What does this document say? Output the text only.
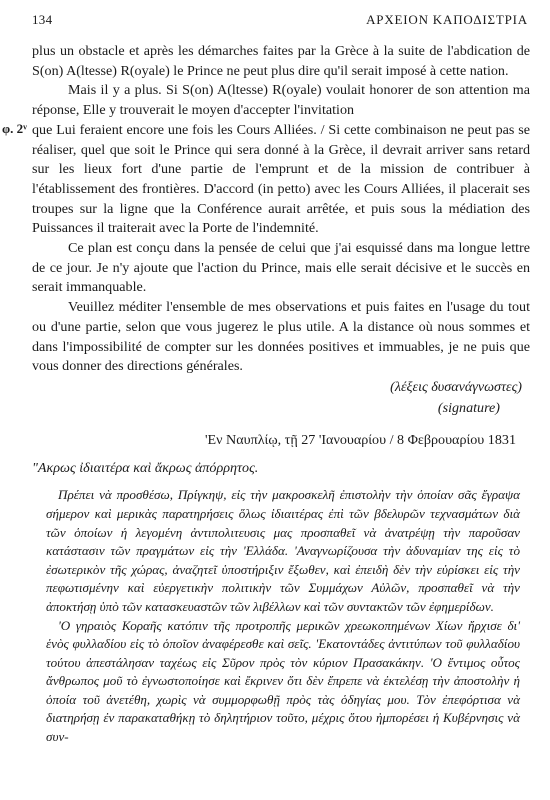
134	ΑΡΧΕΙΟΝ ΚΑΠΟΔΙΣΤΡΙΑ

plus un obstacle et après les démarches faites par la Grèce à la suite de l'abdication de S(on) A(ltesse) R(oyale) le Prince ne peut plus dire qu'il serait imposé à cette nation.

Mais il y a plus. Si S(on) A(ltesse) R(oyale) voulait honorer de son attention ma réponse, Elle y trouverait le moyen d'accepter l'invitation

φ. 2ᵛ que Lui feraient encore une fois les Cours Alliées. / Si cette combinaison ne peut pas se réaliser, quel que soit le Prince qui sera donné à la Grèce, il devrait arriver sans retard sur les lieux fort d'une partie de l'emprunt et de la mission de contribuer à l'établissement des frontières. D'accord (in petto) avec les Cours Alliées, il placerait ses troupes sur la ligne que la Conférence aurait arrêtée, et puis sous la médiation des Puissances il traiterait avec la Porte de l'indemnité.

Ce plan est conçu dans la pensée de celui que j'ai esquissé dans ma longue lettre de ce jour. Je n'y ajoute que l'action du Prince, mais elle serait décisive et le succès en serait immanquable.

Veuillez méditer l'ensemble de mes observations et puis faites en l'usage du tout ou d'une partie, selon que vous jugerez le plus utile. A la distance où nous sommes et dans l'impossibilité de compter sur les données positives et immuables, je ne puis que vous donner des directions générales.

(λέξεις δυσανάγνωστες)
(signature)
'Εν Ναυπλίῳ, τῇ 27 'Ιανουαρίου / 8 Φεβρουαρίου 1831
"Ακρως ἰδιαιτέρα καὶ ἄκρως ἀπόρρητος.

Πρέπει νὰ προσθέσω, Πρίγκηψ, εἰς τὴν μακροσκελῆ ἐπιστολὴν τὴν ὁποίαν σᾶς ἔγραψα σήμερον καὶ μερικὰς παρατηρήσεις ὅλως ἰδιαιτέρας ἐπὶ τῶν βδελυρῶν τεχνασμάτων διὰ τῶν ὁποίων ἡ λεγομένη ἀντιπολιτευσις μας προσπαθεῖ νὰ ἀνατρέψῃ τὴν παροῦσαν κατάστασιν τῶν πραγμάτων εἰς τὴν 'Ελλάδα. 'Αναγνωρίζουσα τὴν ἀδυναμίαν της εἰς τὸ ἐσωτερικὸν τῆς χώρας, ἀναζητεῖ ὑποστήριξιν ἔξωθεν, καὶ ἐπειδὴ δὲν τὴν εὑρίσκει εἰς τὴν πεφωτισμένην καὶ εὐεργετικὴν πολιτικὴν τῶν Συμμάχων Αὐλῶν, προσπαθεῖ νὰ τὴν ἀποκτήσῃ ὑπὸ τῶν κατασκευαστῶν τῶν λιβέλλων καὶ τῶν συντακτῶν τῶν ἐφημερίδων.

'Ο γηραιὸς Κοραῆς κατόπιν τῆς προτροπῆς μερικῶν χρεωκοπημένων Χίων ἤρχισε δι' ἑνὸς φυλλαδίου εἰς τὸ ὁποῖον ἀναφέρεσθε καὶ σεῖς. 'Εκατοντάδες ἀντιτύπων τοῦ φυλλαδίου τούτου ἀπεστάλησαν ταχέως εἰς Σῦρον πρὸς τὸν κύριον Πρασακάκην. 'Ο ἔντιμος οὗτος ἄνθρωπος μοῦ τὸ ἐγνωστοποίησε καὶ ἔκρινεν ὅτι δὲν ἔπρεπε νὰ ἐκτελέσῃ τὴν ἀποστολὴν ἡ ὁποία τοῦ ἀνετέθη, χωρὶς νὰ συμμορφωθῇ πρὸς τὰς ὁδηγίας μου. Τὸν ἐπεφόρτισα νὰ διατηρήσῃ ἐν παρακαταθήκῃ τὸ δηλητήριον τοῦτο, μέχρις ὅτου ἠμπορέσει ἡ Κυβέρνησις νὰ συν-
